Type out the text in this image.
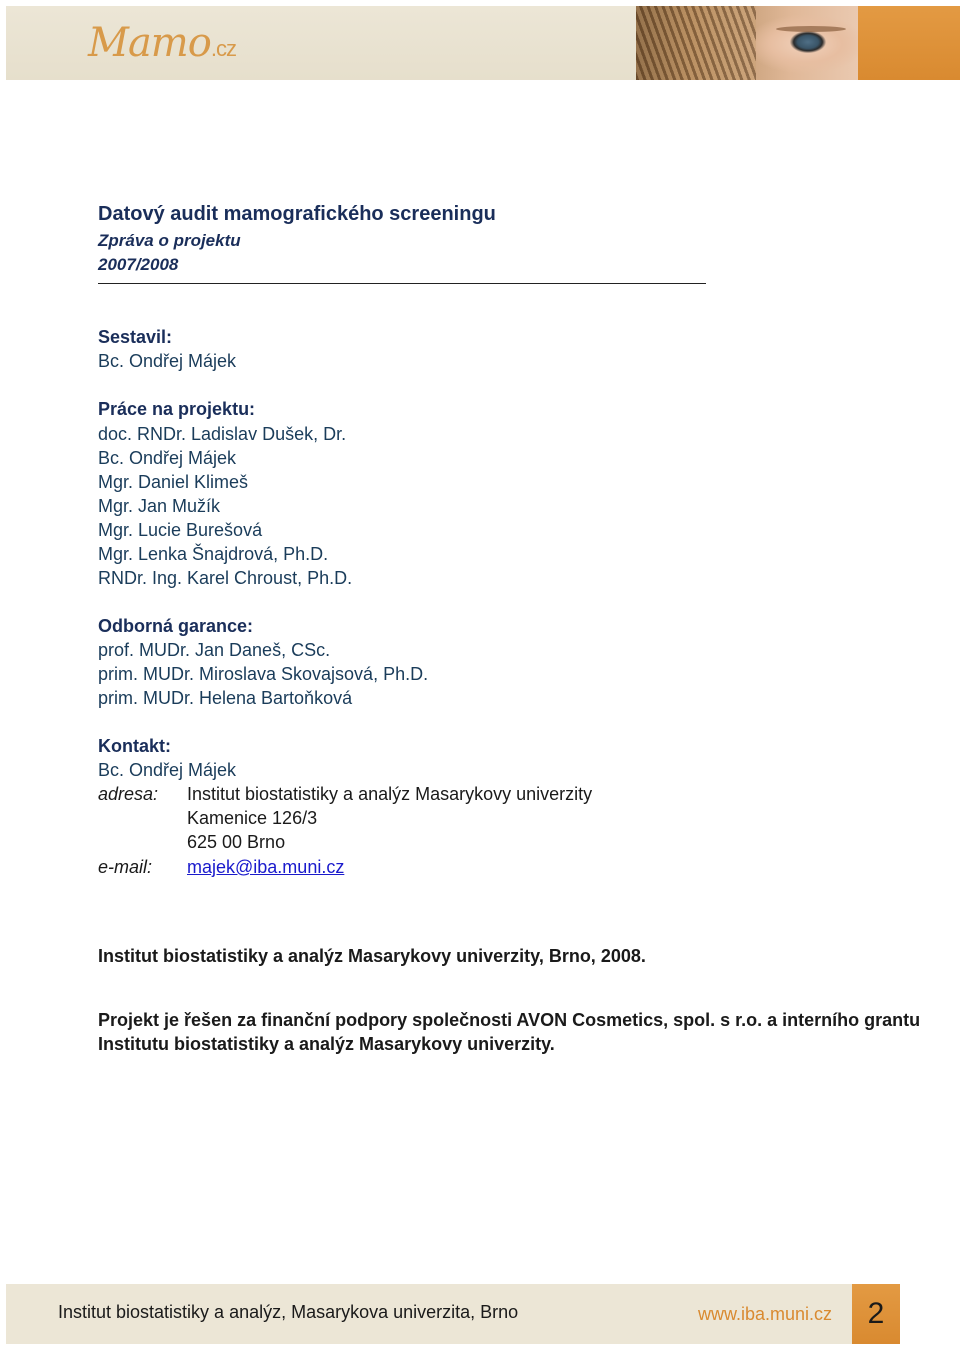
Mamo.cz
Datový audit mamografického screeningu
Zpráva o projektu
2007/2008
Sestavil:
Bc. Ondřej Májek
Práce na projektu:
doc. RNDr. Ladislav Dušek, Dr.
Bc. Ondřej Májek
Mgr. Daniel Klimeš
Mgr. Jan Mužík
Mgr. Lucie Burešová
Mgr. Lenka Šnajdrová, Ph.D.
RNDr. Ing. Karel Chroust, Ph.D.
Odborná garance:
prof. MUDr. Jan Daneš, CSc.
prim. MUDr. Miroslava Skovajsová, Ph.D.
prim. MUDr. Helena Bartoňková
Kontakt:
Bc. Ondřej Májek
adresa: Institut biostatistiky a analýz Masarykovy univerzity
Kamenice 126/3
625 00 Brno
e-mail: majek@iba.muni.cz
Institut biostatistiky a analýz Masarykovy univerzity, Brno, 2008.
Projekt je řešen za finanční podpory společnosti AVON Cosmetics, spol. s r.o. a interního grantu
Institutu biostatistiky a analýz Masarykovy univerzity.
Institut biostatistiky a analýz, Masarykova univerzita, Brno	www.iba.muni.cz	2
